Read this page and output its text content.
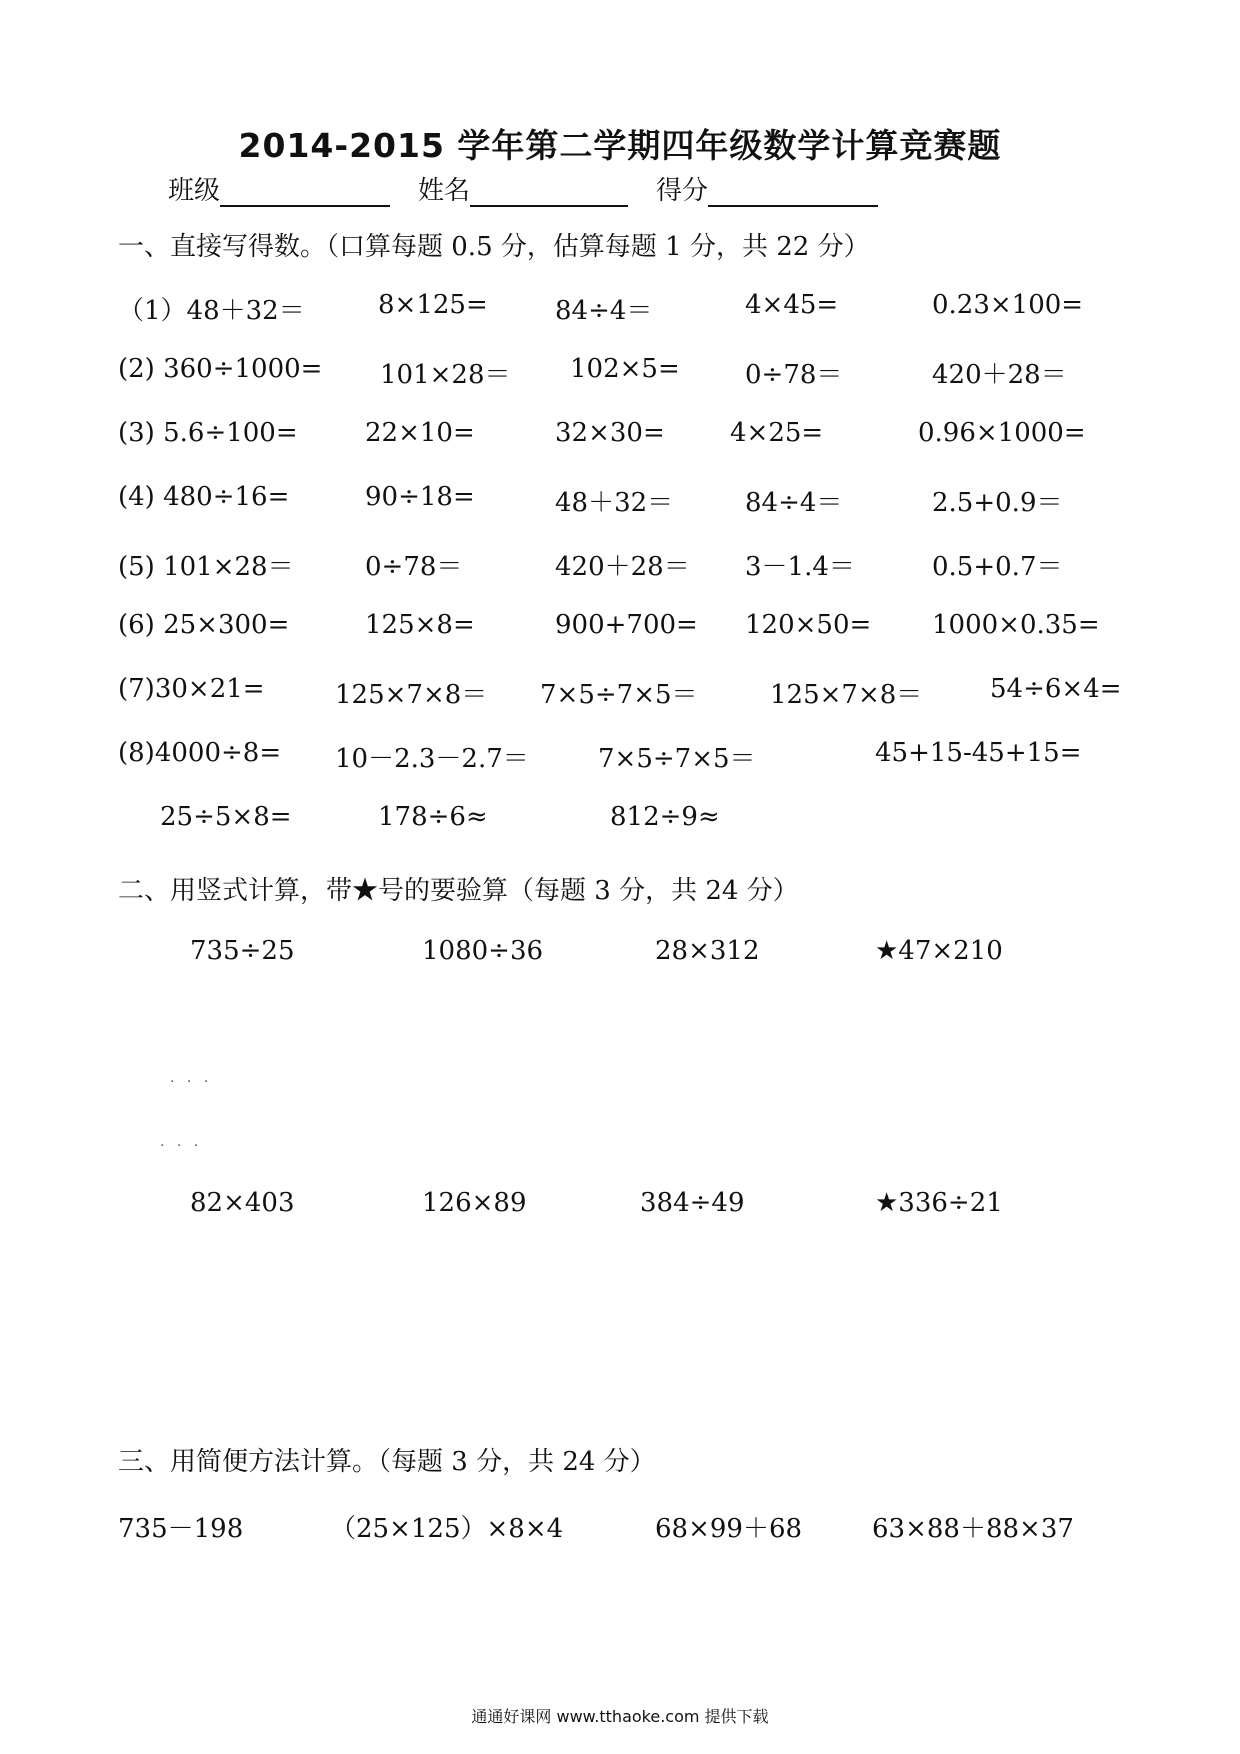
2014-2015 学年第二学期四年级数学计算竞赛题
班级	姓名	得分
一、直接写得数。（口算每题 0.5 分，估算每题 1 分，共 22 分）
（1）48＋32＝	8×125=	84÷4＝	4×45=	0.23×100=
(2) 360÷1000= 101×28＝ 102×5=	0÷78＝	420＋28＝
(3) 5.6÷100=	22×10=	32×30=	4×25=	0.96×1000=
(4) 480÷16=	90÷18=	48＋32＝	84÷4＝	2.5+0.9＝
(5) 101×28＝	0÷78＝	420＋28＝ 3－1.4＝	0.5+0.7＝
(6) 25×300=	125×8=	900+700= 120×50= 1000×0.35=
(7)30×21=	125×7×8＝ 7×5÷7×5＝	125×7×8＝	54÷6×4=
(8)4000÷8= 10－2.3－2.7＝	7×5÷7×5＝	45+15-45+15=
25÷5×8=	178÷6≈	812÷9≈
二、用竖式计算，带★号的要验算（每题 3 分，共 24 分）
735÷25	1080÷36	28×312	★47×210
. . .
. . .
82×403	126×89	384÷49	★336÷21
三、用简便方法计算。（每题 3 分，共 24 分）
735－198	（25×125）×8×4	68×99＋68	63×88＋88×37
通通好课网 www.tthaoke.com 提供下载
